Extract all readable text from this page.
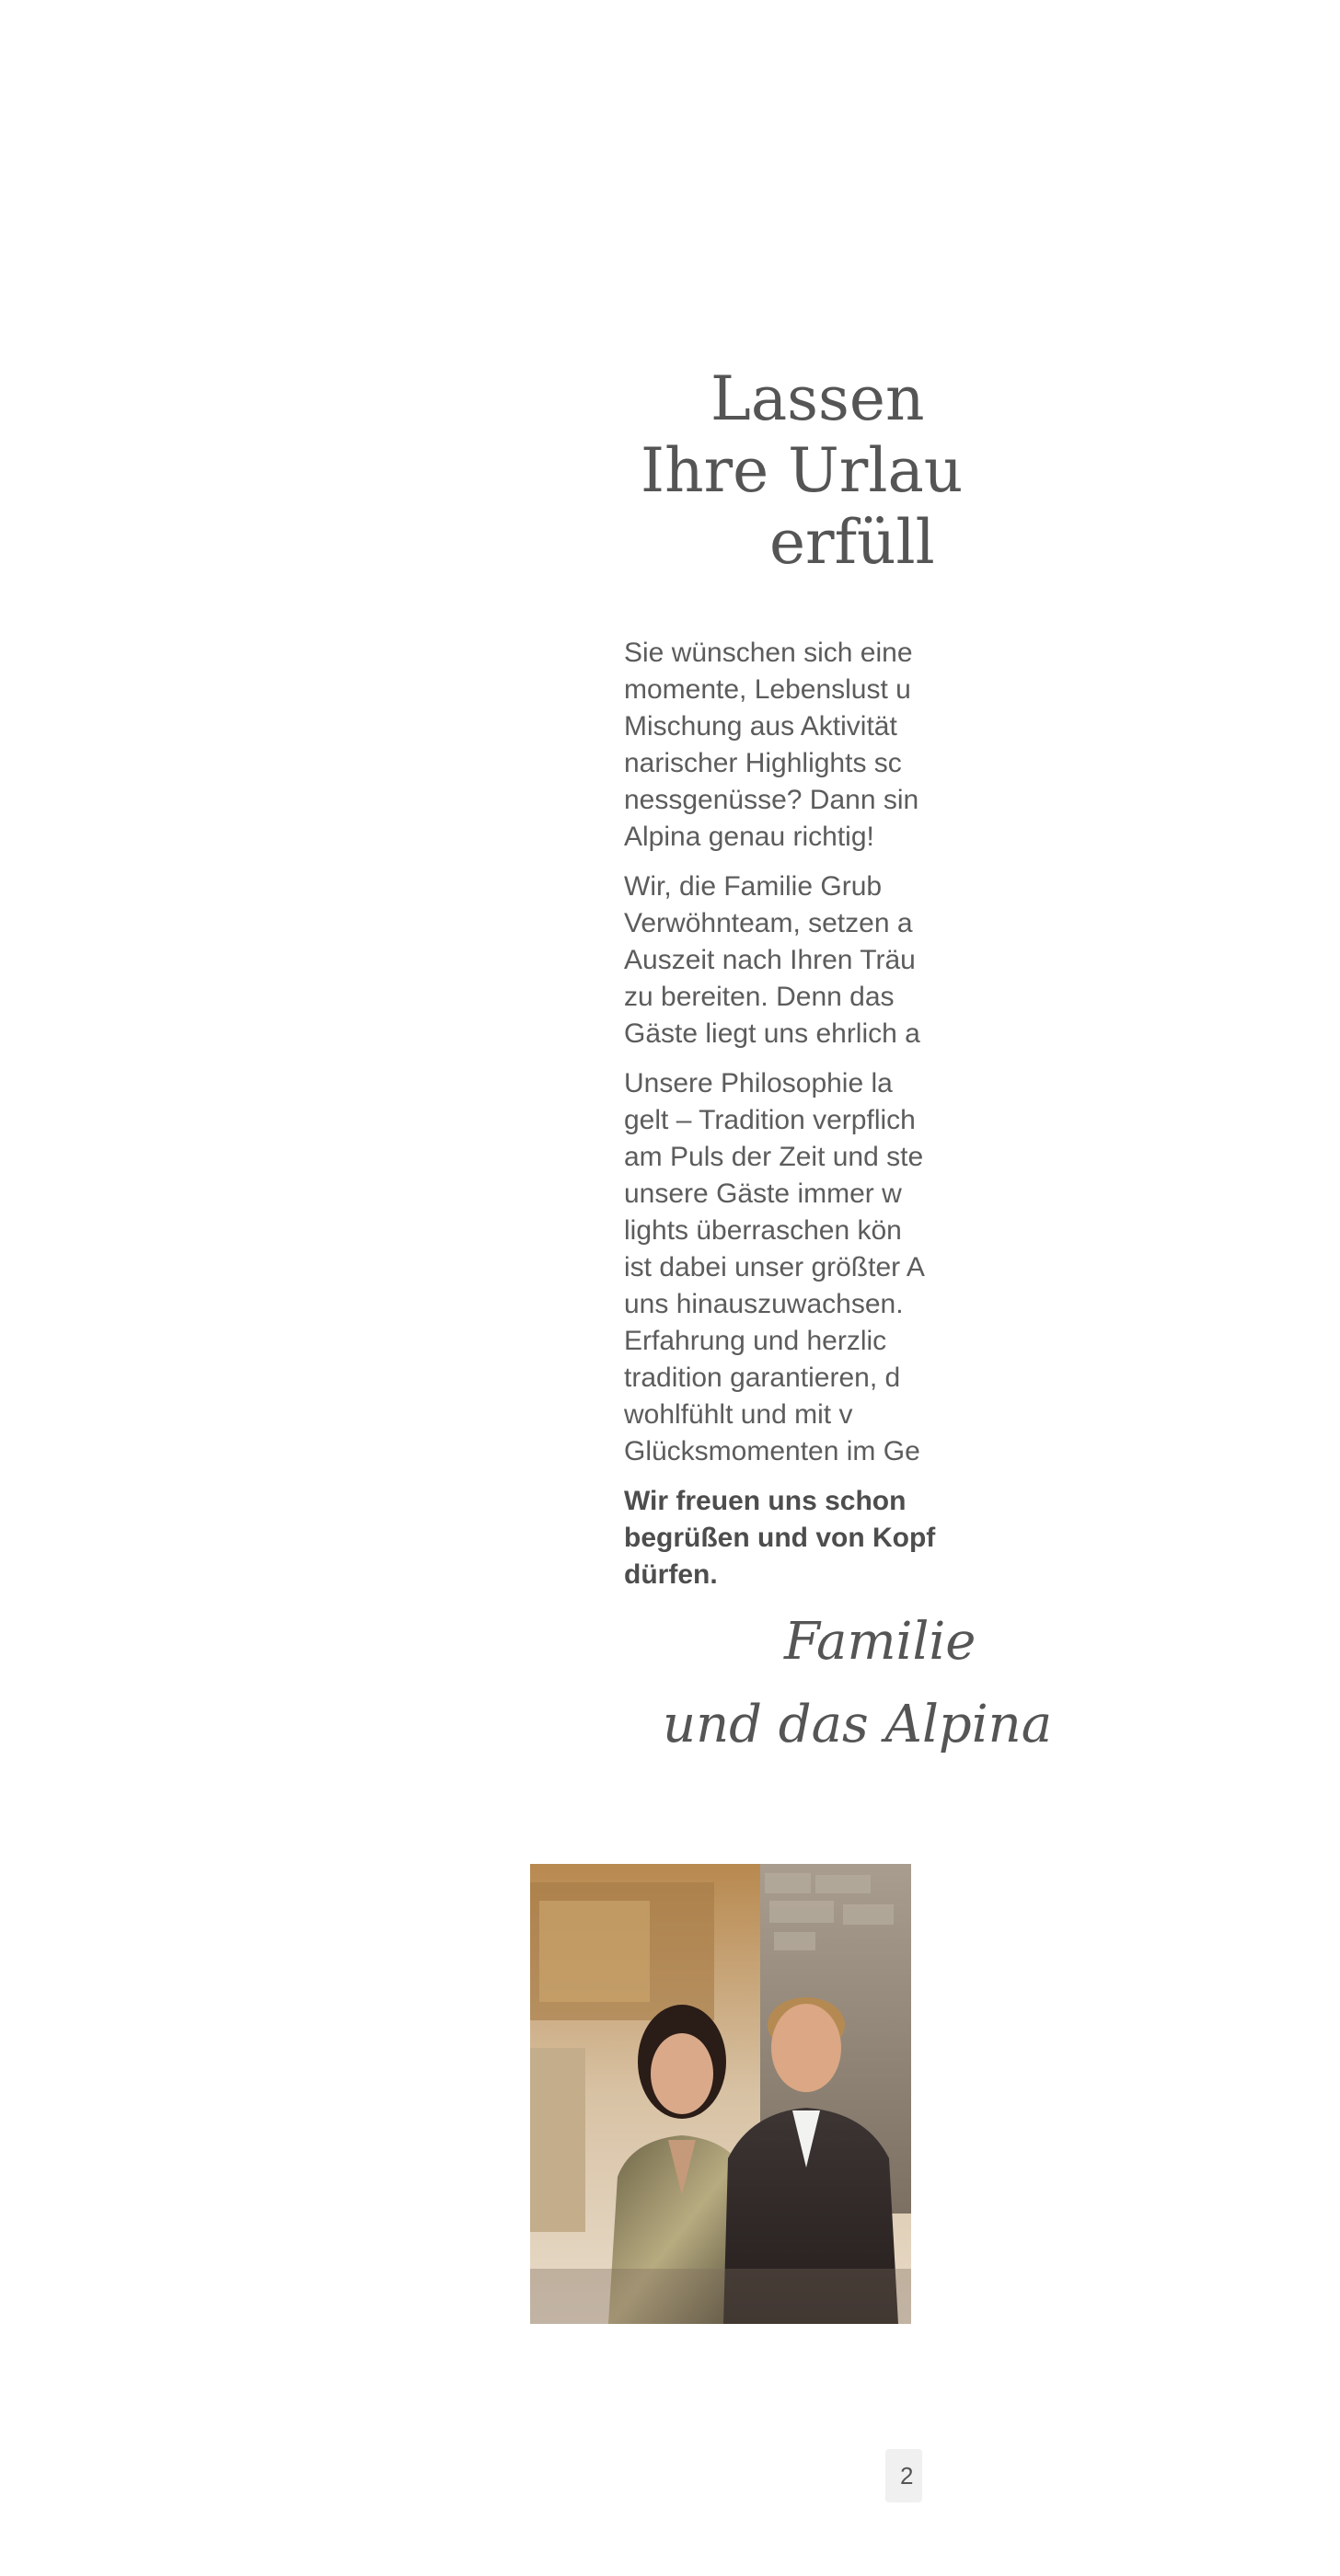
Lassen
Ihre Urlau
erfüll

Sie wünschen sich eine
momente, Lebenslust u
Mischung aus Aktivität
narischer Highlights sc
nessgenüsse? Dann sin
Alpina genau richtig!

Wir, die Familie Grub
Verwöhnteam, setzen a
Auszeit nach Ihren Träu
zu bereiten. Denn das
Gäste liegt uns ehrlich a

Unsere Philosophie la
gelt – Tradition verpflich
am Puls der Zeit und ste
unsere Gäste immer w
lights überraschen kön
ist dabei unser größter A
uns hinauszuwachsen.
Erfahrung und herzlic
tradition garantieren, d
wohlfühlt und mit v
Glücksmomenten im Ge

Wir freuen uns schon
begrüßen und von Kopf
dürfen.

Familie
und das Alpina
2
